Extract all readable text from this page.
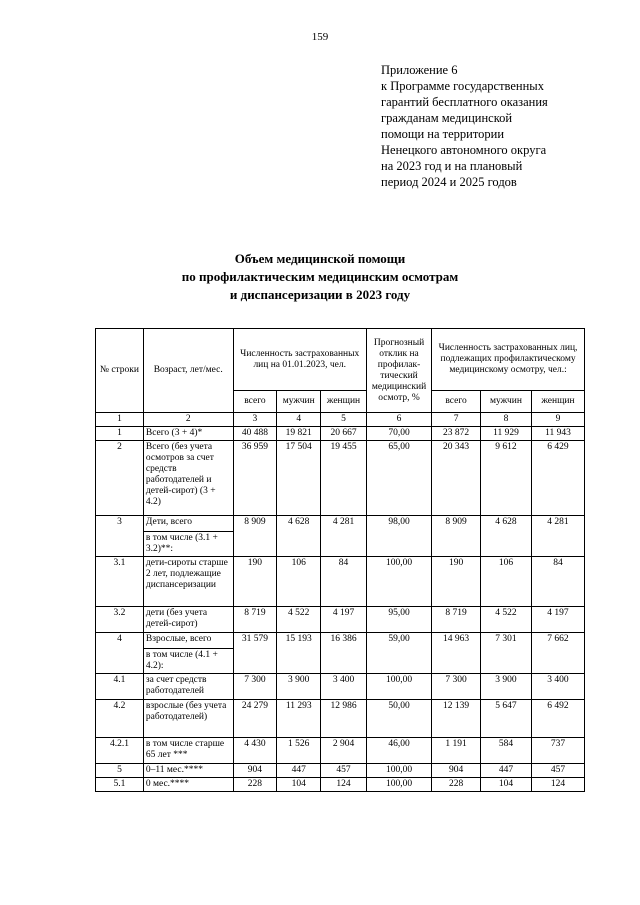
159
Приложение 6
к Программе государственных
гарантий бесплатного оказания
гражданам медицинской
помощи на территории
Ненецкого автономного округа
на 2023 год и на плановый
период 2024 и 2025 годов
Объем медицинской помощи
по профилактическим медицинским осмотрам
и диспансеризации в 2023 году
№ строки	Возраст, лет/мес.	Численность застрахованных лиц на 01.01.2023, чел.			Прогнозный отклик на профилак-тический медицинский осмотр, %	Численность застрахованных лиц, подлежащих профилактическому медицинскому осмотру, чел.:		
		всего	мужчин	женщин		всего	мужчин	женщин
1	2	3	4	5	6	7	8	9
1	Всего (3 + 4)*	40 488	19 821	20 667	70,00	23 872	11 929	11 943
2	Всего (без учета осмотров за счет средств работодателей и детей-сирот) (3 + 4.2)	36 959	17 504	19 455	65,00	20 343	9 612	6 429
3	Дети, всего	8 909	4 628	4 281	98,00	8 909	4 628	4 281
	в том числе (3.1 + 3.2)**:							
3.1	дети-сироты старше 2 лет, подлежащие диспансеризации	190	106	84	100,00	190	106	84
3.2	дети (без учета детей-сирот)	8 719	4 522	4 197	95,00	8 719	4 522	4 197
4	Взрослые, всего	31 579	15 193	16 386	59,00	14 963	7 301	7 662
	в том числе (4.1 + 4.2):							
4.1	за счет средств работодателей	7 300	3 900	3 400	100,00	7 300	3 900	3 400
4.2	взрослые (без учета работодателей)	24 279	11 293	12 986	50,00	12 139	5 647	6 492
4.2.1	в том числе старше 65 лет ***	4 430	1 526	2 904	46,00	1 191	584	737
5	0–11 мес.****	904	447	457	100,00	904	447	457
5.1	0 мес.****	228	104	124	100,00	228	104	124
